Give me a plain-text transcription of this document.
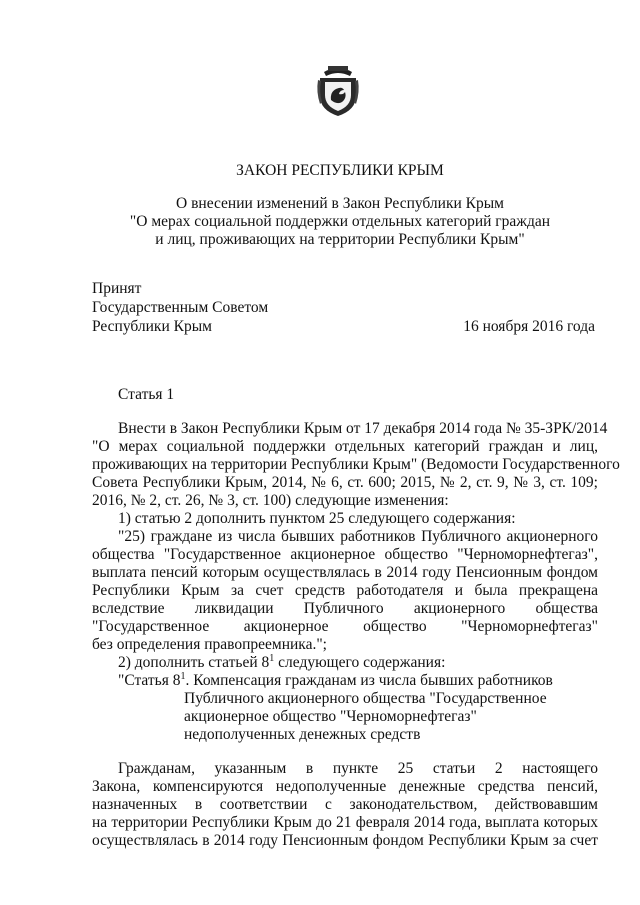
ЗАКОН РЕСПУБЛИКИ КРЫМ
О внесении изменений в Закон Республики Крым
"О мерах социальной поддержки отдельных категорий граждан
и лиц, проживающих на территории Республики Крым"
Принят
Государственным Советом
Республики Крым	16 ноября 2016 года
Статья 1
Внести в Закон Республики Крым от 17 декабря 2014 года № 35-ЗРК/2014
"О мерах социальной поддержки отдельных категорий граждан и лиц,
проживающих на территории Республики Крым" (Ведомости Государственного
Совета Республики Крым, 2014, № 6, ст. 600; 2015, № 2, ст. 9, № 3, ст. 109;
2016, № 2, ст. 26, № 3, ст. 100) следующие изменения:
1) статью 2 дополнить пунктом 25 следующего содержания:
"25) граждане из числа бывших работников Публичного акционерного
общества "Государственное акционерное общество "Черноморнефтегаз",
выплата пенсий которым осуществлялась в 2014 году Пенсионным фондом
Республики Крым за счет средств работодателя и была прекращена
вследствие ликвидации Публичного акционерного общества
"Государственное акционерное общество "Черноморнефтегаз"
без определения правопреемника.";
2) дополнить статьей $8^1$ следующего содержания:
"Статья $8^1$. Компенсация гражданам из числа бывших работников
Публичного акционерного общества "Государственное
акционерное общество "Черноморнефтегаз"
недополученных денежных средств
Гражданам, указанным в пункте 25 статьи 2 настоящего
Закона, компенсируются недополученные денежные средства пенсий,
назначенных в соответствии с законодательством, действовавшим
на территории Республики Крым до 21 февраля 2014 года, выплата которых
осуществлялась в 2014 году Пенсионным фондом Республики Крым за счет
